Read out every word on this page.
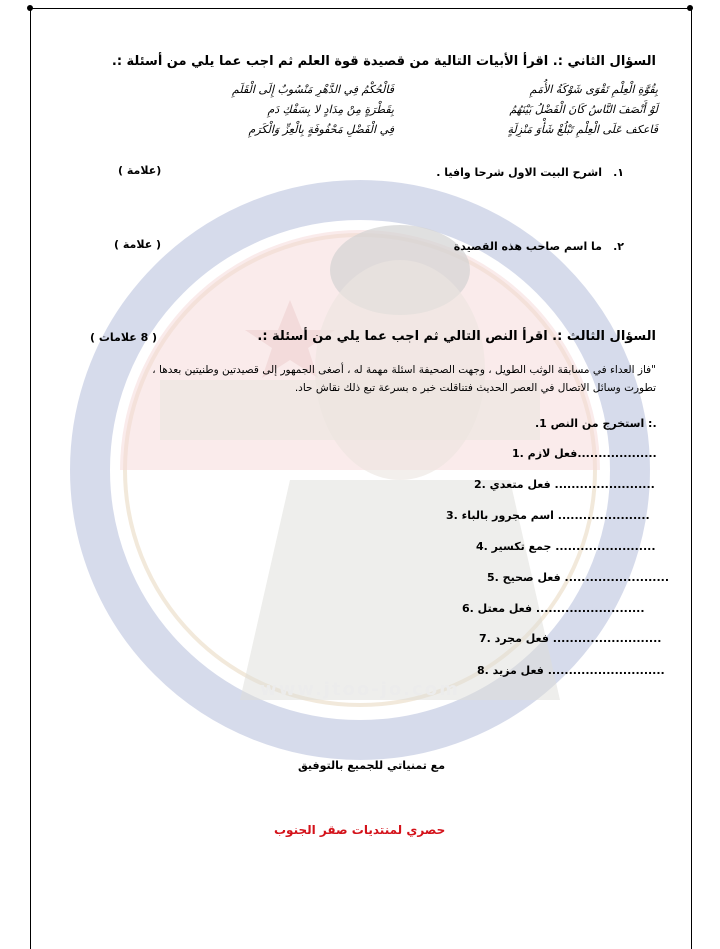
www.jtoo-jo.com
السؤال الثاني :. اقرأ الأبيات التالية من قصيدة قوة العلم ثم اجب عما يلي من أسئلة :.
بِقُوَّةِ الْعِلْمِ تَقْوَى شَوْكَةُ الأُمَمِ
فَالْحُكْمُ فِي الدَّهْرِ مَنْسُوبٌ إِلَى الْقَلَمِ
لَوْ أَنْصَفَ النَّاسُ كَانَ الْفَضْلُ بَيْنَهُمُ
بِقَطْرَةٍ مِنْ مِدَادٍ لا بِسَفْكِ دَمِ
فَاعكف عَلَى الْعِلْمِ تَبْلُغْ شَأْوَ مَنْزِلَةٍ
فِي الْفَضْلِ مَحْفُوفَةٍ بِالْعِزِّ وَالْكَرَمِ
١.
اشرح البيت الاول شرحا وافيا .
(علامة )
٢.
ما اسم صاحب هذه القصيدة
( علامة )
السؤال الثالث :. اقرأ النص التالي ثم اجب عما يلي من أسئلة :.
( 8 علامات )
"فاز العداء في مسابقة الوثب الطويل ، وجهت الصحيفة اسئلة مهمة له ، أصغى الجمهور إلى قصيدتين وطنيتين بعدها ،
تطورت وسائل الاتصال في العصر الحديث فتناقلت خبر ه بسرعة تبع ذلك نقاش حاد.
.1 استخرج من النص :.
1. فعل لازم...................
2. فعل متعدي ........................
3. اسم مجرور بالباء ......................
4. جمع تكسير ........................
5. فعل صحيح .........................
6. فعل معتل ..........................
7. فعل مجرد ..........................
8. فعل مزيد ............................
مع تمنياتي للجميع بالتوفيق
حصري لمنتديات صقر الجنوب
